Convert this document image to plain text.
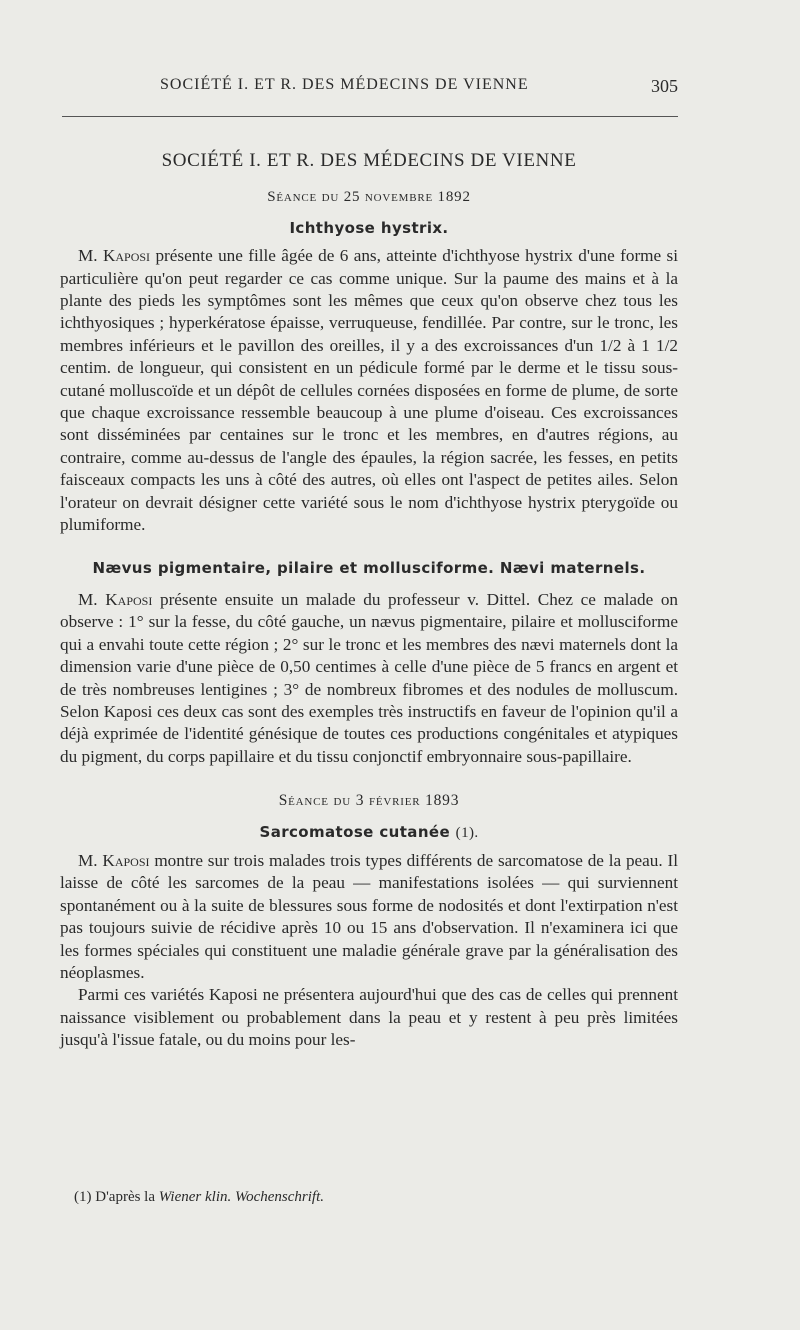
SOCIÉTÉ I. ET R. DES MÉDECINS DE VIENNE	305
SOCIÉTÉ I. ET R. DES MÉDECINS DE VIENNE
Séance du 25 novembre 1892
Ichthyose hystrix.

M. Kaposi présente une fille âgée de 6 ans, atteinte d'ichthyose hystrix d'une forme si particulière qu'on peut regarder ce cas comme unique. Sur la paume des mains et à la plante des pieds les symptômes sont les mêmes que ceux qu'on observe chez tous les ichthyosiques ; hyperkératose épaisse, verruqueuse, fendillée. Par contre, sur le tronc, les membres inférieurs et le pavillon des oreilles, il y a des excroissances d'un 1/2 à 1 1/2 centim. de longueur, qui consistent en un pédicule formé par le derme et le tissu sous-cutané molluscoïde et un dépôt de cellules cornées disposées en forme de plume, de sorte que chaque excroissance ressemble beaucoup à une plume d'oiseau. Ces excroissances sont disséminées par centaines sur le tronc et les membres, en d'autres régions, au contraire, comme au-dessus de l'angle des épaules, la région sacrée, les fesses, en petits faisceaux compacts les uns à côté des autres, où elles ont l'aspect de petites ailes. Selon l'orateur on devrait désigner cette variété sous le nom d'ichthyose hystrix pterygoïde ou plumiforme.

Nævus pigmentaire, pilaire et mollusciforme. Nævi maternels.

M. Kaposi présente ensuite un malade du professeur v. Dittel. Chez ce malade on observe : 1° sur la fesse, du côté gauche, un nævus pigmentaire, pilaire et mollusciforme qui a envahi toute cette région ; 2° sur le tronc et les membres des nævi maternels dont la dimension varie d'une pièce de 0,50 centimes à celle d'une pièce de 5 francs en argent et de très nombreuses lentigines ; 3° de nombreux fibromes et des nodules de molluscum. Selon Kaposi ces deux cas sont des exemples très instructifs en faveur de l'opinion qu'il a déjà exprimée de l'identité génésique de toutes ces productions congénitales et atypiques du pigment, du corps papillaire et du tissu conjonctif embryonnaire sous-papillaire.

Séance du 3 février 1893
Sarcomatose cutanée (1).

M. Kaposi montre sur trois malades trois types différents de sarcomatose de la peau. Il laisse de côté les sarcomes de la peau — manifestations isolées — qui surviennent spontanément ou à la suite de blessures sous forme de nodosités et dont l'extirpation n'est pas toujours suivie de récidive après 10 ou 15 ans d'observation. Il n'examinera ici que les formes spéciales qui constituent une maladie générale grave par la généralisation des néoplasmes.

Parmi ces variétés Kaposi ne présentera aujourd'hui que des cas de celles qui prennent naissance visiblement ou probablement dans la peau et y restent à peu près limitées jusqu'à l'issue fatale, ou du moins pour les-

(1) D'après la Wiener klin. Wochenschrift.
